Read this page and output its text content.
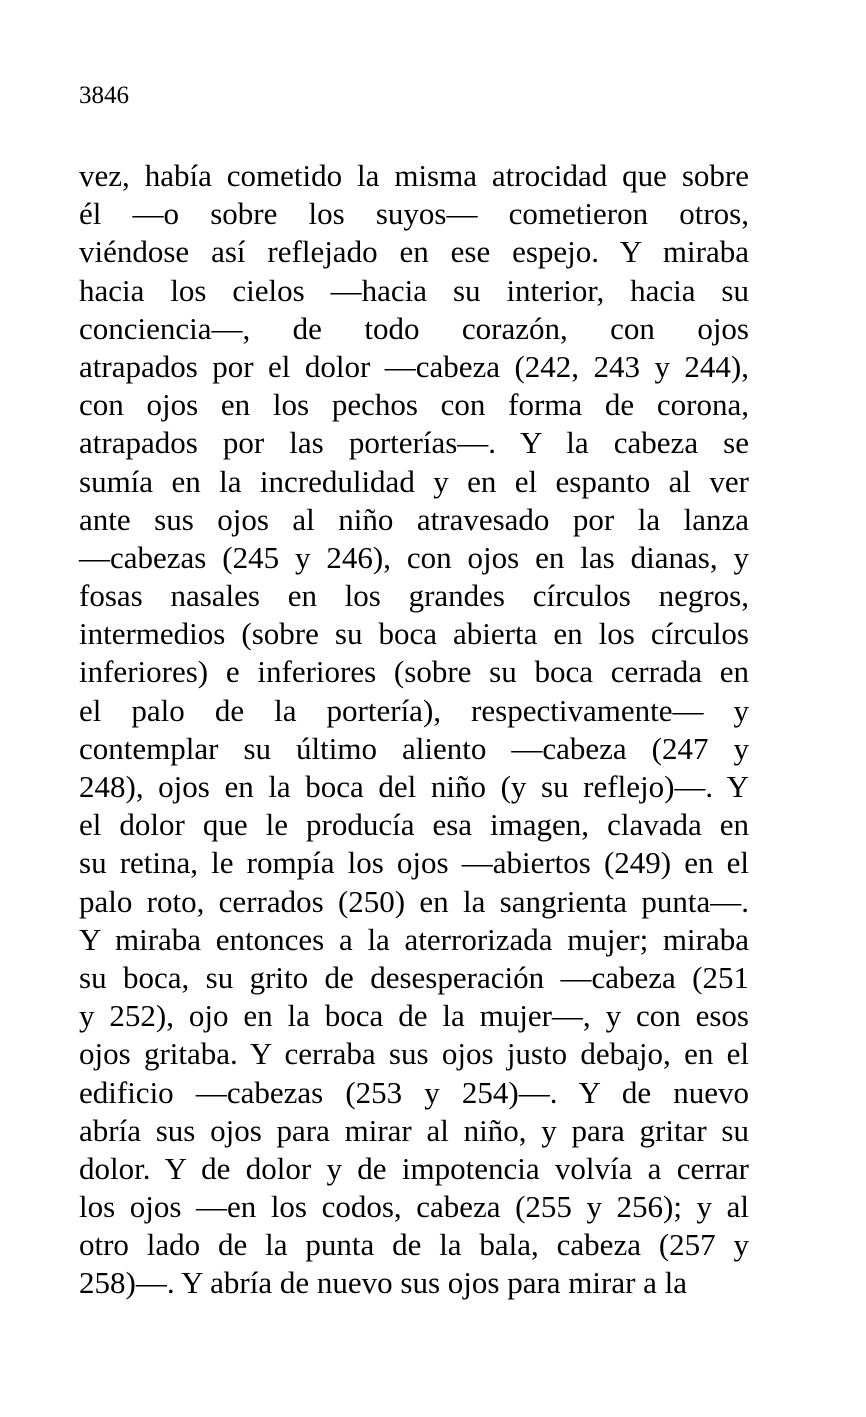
3846
vez, había cometido la misma atrocidad que sobre
él —o sobre los suyos— cometieron otros,
viéndose así reflejado en ese espejo. Y miraba
hacia los cielos —hacia su interior, hacia su
conciencia—, de todo corazón, con ojos
atrapados por el dolor —cabeza (242, 243 y 244),
con ojos en los pechos con forma de corona,
atrapados por las porterías—. Y la cabeza se
sumía en la incredulidad y en el espanto al ver
ante sus ojos al niño atravesado por la lanza
—cabezas (245 y 246), con ojos en las dianas, y
fosas nasales en los grandes círculos negros,
intermedios (sobre su boca abierta en los círculos
inferiores) e inferiores (sobre su boca cerrada en
el palo de la portería), respectivamente— y
contemplar su último aliento —cabeza (247 y
248), ojos en la boca del niño (y su reflejo)—. Y
el dolor que le producía esa imagen, clavada en
su retina, le rompía los ojos —abiertos (249) en el
palo roto, cerrados (250) en la sangrienta punta—.
Y miraba entonces a la aterrorizada mujer; miraba
su boca, su grito de desesperación —cabeza (251
y 252), ojo en la boca de la mujer—, y con esos
ojos gritaba. Y cerraba sus ojos justo debajo, en el
edificio —cabezas (253 y 254)—. Y de nuevo
abría sus ojos para mirar al niño, y para gritar su
dolor. Y de dolor y de impotencia volvía a cerrar
los ojos —en los codos, cabeza (255 y 256); y al
otro lado de la punta de la bala, cabeza (257 y
258)—. Y abría de nuevo sus ojos para mirar a la
